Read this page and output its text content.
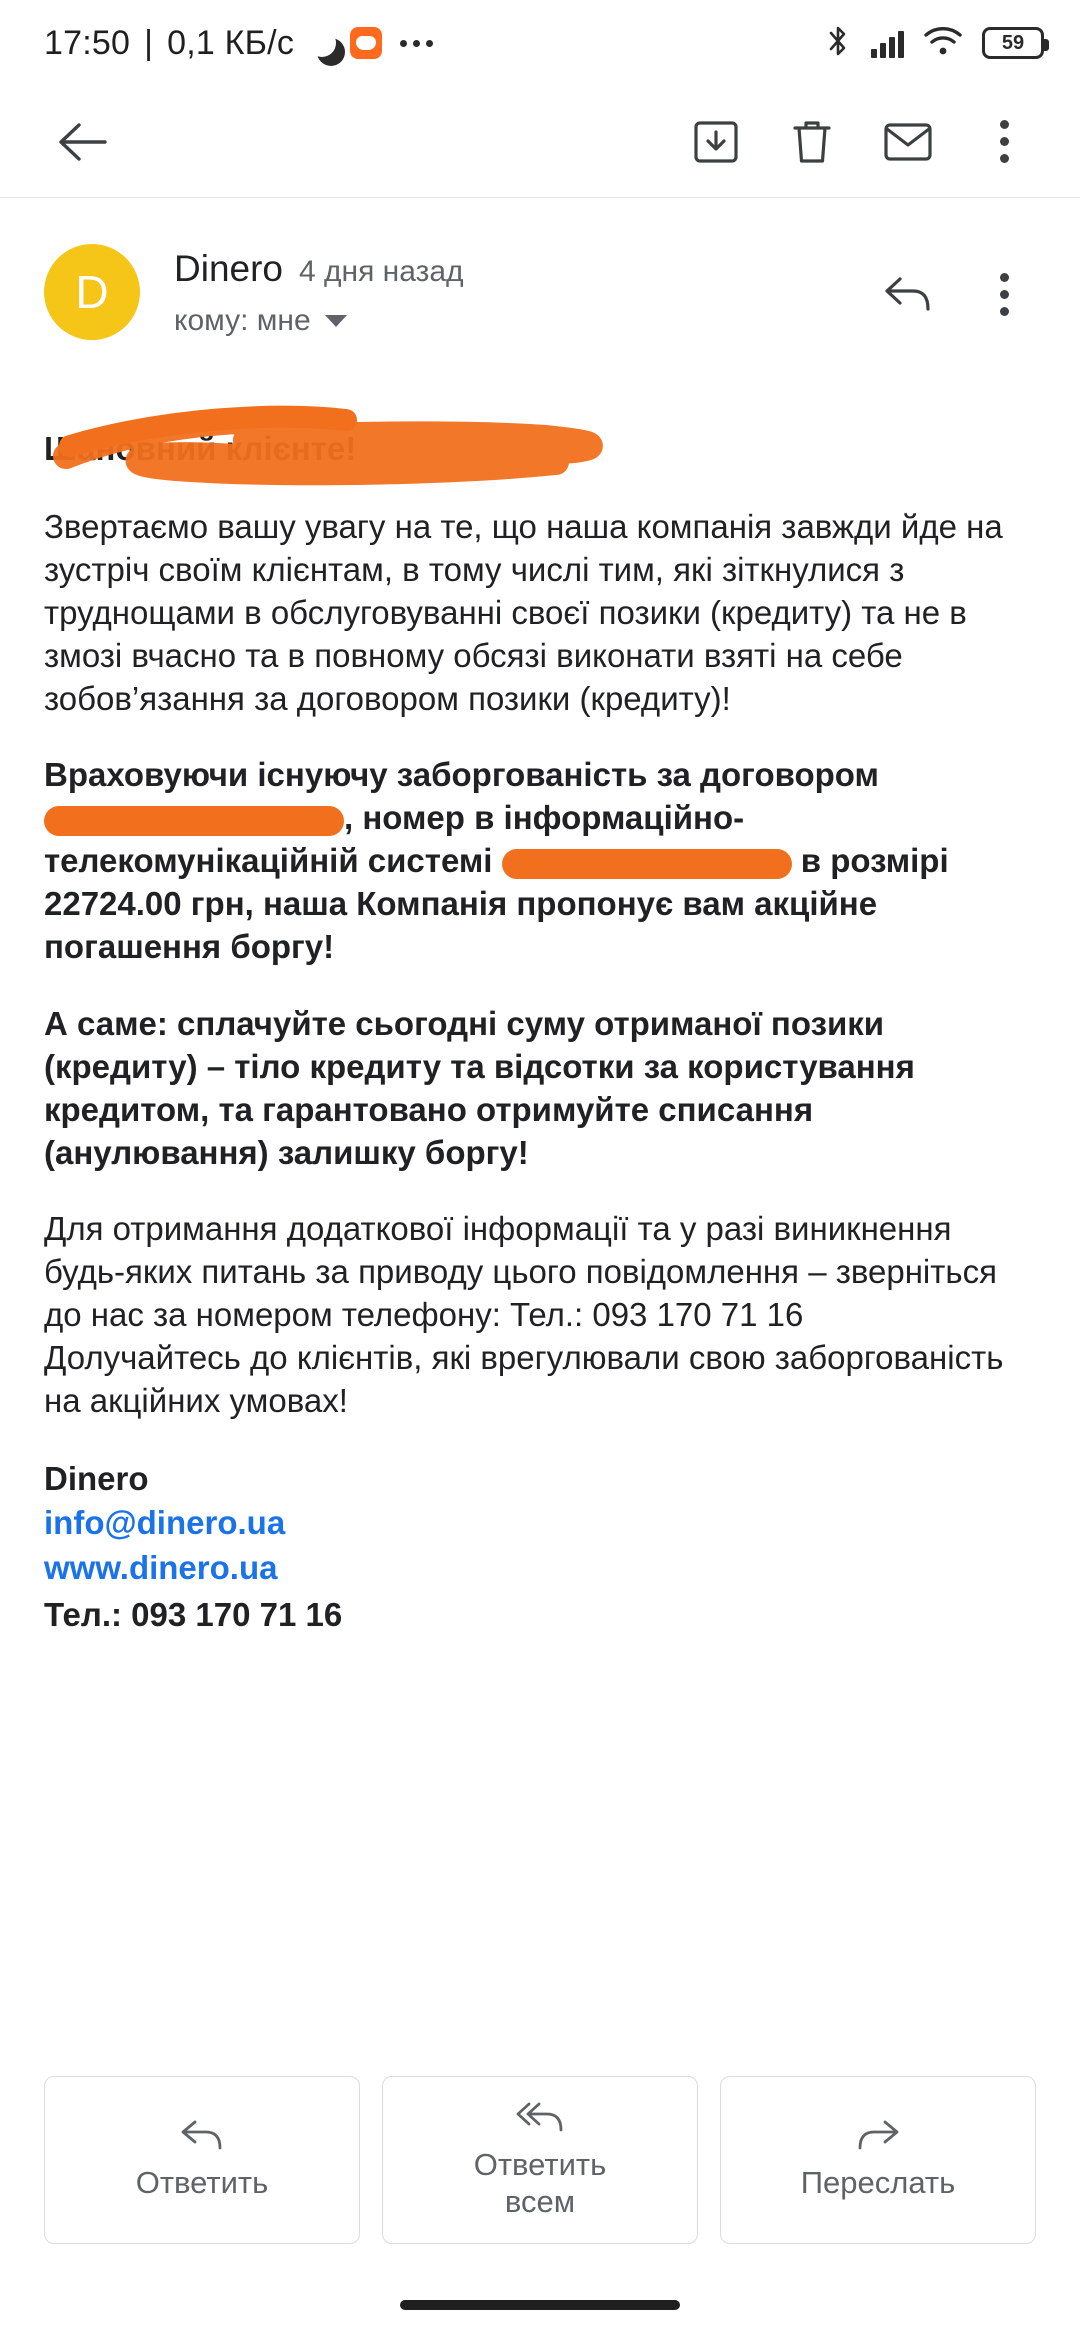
17:50 | 0,1 КБ/с	59
D	Dinero 4 дня назад
кому: мне
Шановний клієнте!

Звертаємо вашу увагу на те, що наша компанія завжди йде на зустріч своїм клієнтам, в тому числі тим, які зіткнулися з труднощами в обслуговуванні своєї позики (кредиту) та не в змозі вчасно та в повному обсязі виконати взяті на себе зобов’язання за договором позики (кредиту)!

Враховуючи існуючу заборгованість за договором , номер в інформаційно-телекомунікаційній системі	в розмірі 22724.00 грн, наша Компанія пропонує вам акційне погашення боргу!

А саме: сплачуйте сьогодні суму отриманої позики (кредиту) – тіло кредиту та відсотки за користування кредитом, та гарантовано отримуйте списання (анулювання) залишку боргу!

Для отримання додаткової інформації та у разі виникнення будь-яких питань за приводу цього повідомлення – зверніться до нас за номером телефону: Тел.: 093 170 71 16

Долучайтесь до клієнтів, які врегулювали свою заборгованість на акційних умовах!

Dinero
info@dinero.ua
www.dinero.ua
Тел.: 093 170 71 16
Ответить
Ответить
всем
Переслать
